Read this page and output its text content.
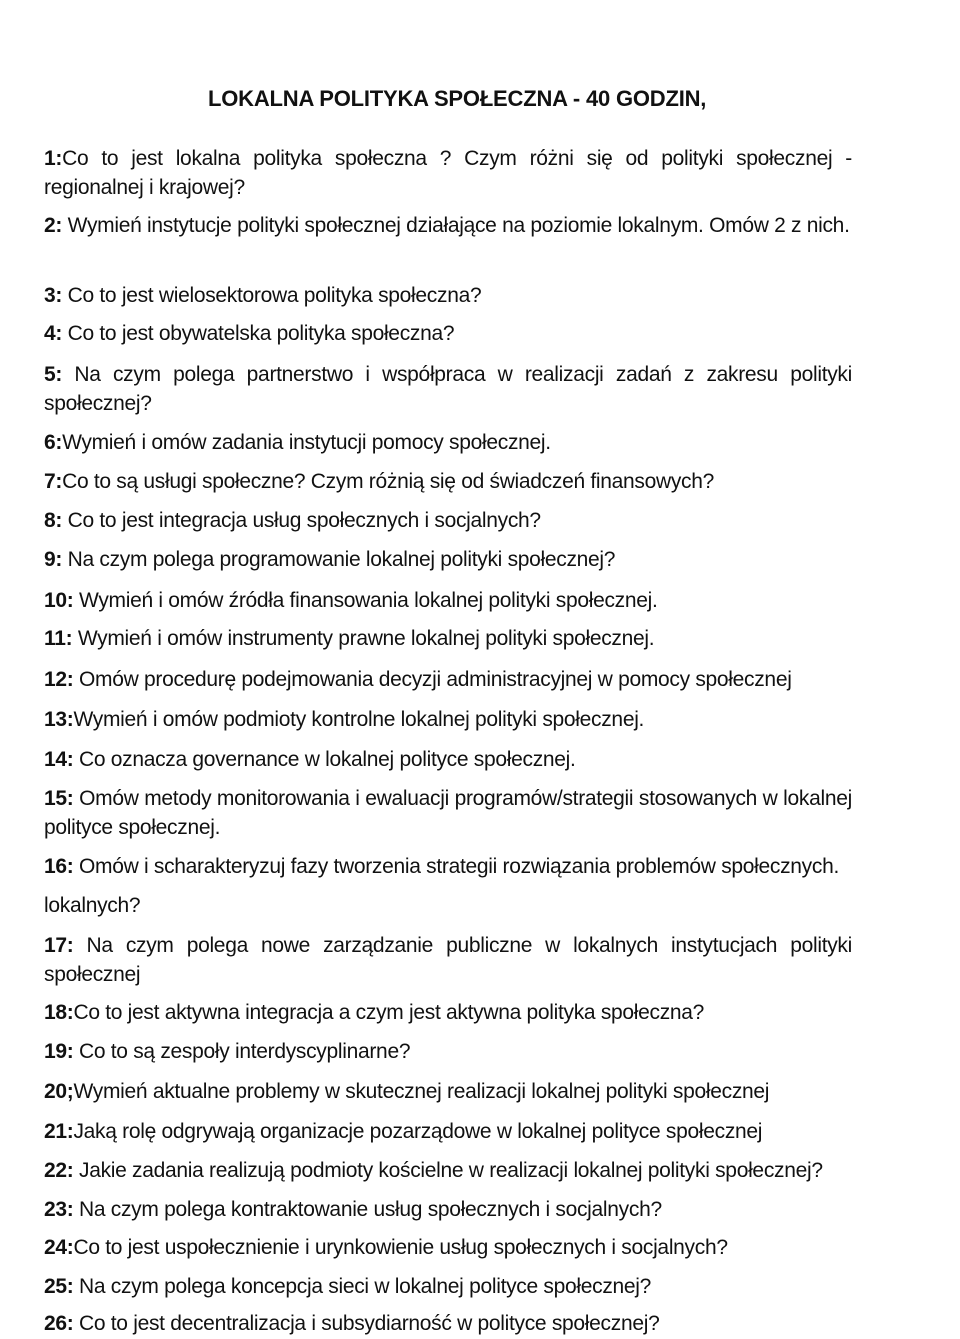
LOKALNA POLITYKA SPOŁECZNA - 40 GODZIN,
1:Co to jest lokalna polityka społeczna ? Czym różni się od polityki społecznej - regionalnej i krajowej?
2: Wymień instytucje polityki społecznej działające na poziomie lokalnym. Omów 2 z nich.
3: Co to jest wielosektorowa polityka społeczna?
4: Co to jest obywatelska polityka społeczna?
5: Na czym polega partnerstwo i współpraca w realizacji zadań z zakresu polityki społecznej?
6:Wymień i omów zadania instytucji pomocy społecznej.
7:Co to są usługi społeczne? Czym różnią się od świadczeń finansowych?
8: Co to jest integracja usług społecznych i socjalnych?
9: Na czym polega programowanie lokalnej polityki społecznej?
10: Wymień i omów źródła finansowania lokalnej polityki społecznej.
11: Wymień i omów instrumenty prawne lokalnej polityki społecznej.
12: Omów procedurę podejmowania decyzji administracyjnej w pomocy społecznej
13:Wymień i omów podmioty kontrolne lokalnej polityki społecznej.
14: Co oznacza governance w lokalnej polityce społecznej.
15: Omów metody monitorowania i ewaluacji programów/strategii stosowanych w lokalnej polityce społecznej.
16: Omów i scharakteryzuj fazy tworzenia strategii rozwiązania problemów społecznych.
lokalnych?
17: Na czym polega nowe zarządzanie publiczne w lokalnych instytucjach polityki społecznej
18:Co to jest aktywna integracja a czym jest aktywna polityka społeczna?
19: Co to są zespoły interdyscyplinarne?
20;Wymień aktualne problemy w skutecznej realizacji lokalnej polityki społecznej
21:Jaką rolę odgrywają organizacje pozarządowe w lokalnej polityce społecznej
22: Jakie zadania realizują podmioty kościelne w realizacji lokalnej polityki społecznej?
23: Na czym polega kontraktowanie usług społecznych i socjalnych?
24:Co to jest uspołecznienie i urynkowienie usług społecznych i socjalnych?
25: Na czym polega koncepcja sieci w lokalnej polityce społecznej?
26: Co to jest decentralizacja i subsydiarność w polityce społecznej?
